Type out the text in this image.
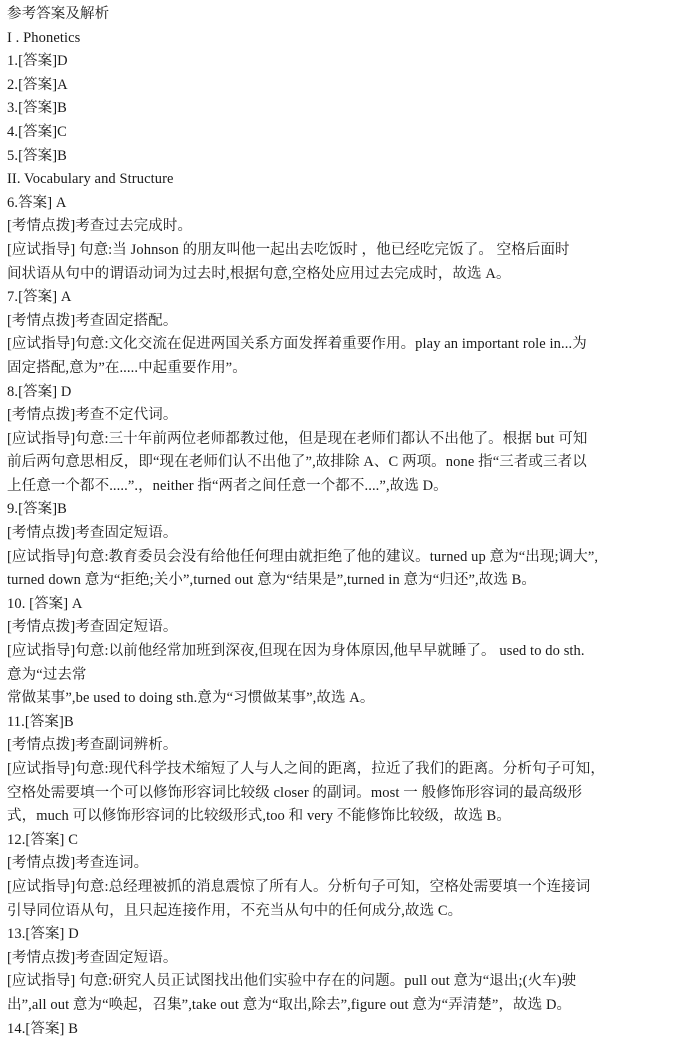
参考答案及解析
I . Phonetics
1.[答案]D
2.[答案]A
3.[答案]B
4.[答案]C
5.[答案]B
II. Vocabulary and Structure
6.答案] A
[考情点拨]考查过去完成时。
[应试指导] 句意:当 Johnson 的朋友叫他一起出去吃饭时 ，他已经吃完饭了。 空格后面时
间状语从句中的谓语动词为过去时,根据句意,空格处应用过去完成时，故选 A。
7.[答案] A
[考情点拨]考查固定搭配。
[应试指导]句意:文化交流在促进两国关系方面发挥着重要作用。play an important role in...为
固定搭配,意为”在.....中起重要作用”。
8.[答案] D
[考情点拨]考查不定代词。
[应试指导]句意:三十年前两位老师都教过他，但是现在老师们都认不出他了。根据 but 可知
前后两句意思相反，即“现在老师们认不出他了”,故排除 A、C 两项。none 指“三者或三者以
上任意一个都不.....”.，neither 指“两者之间任意一个都不....”,故选 D。
9.[答案]B
[考情点拨]考查固定短语。
[应试指导]句意:教育委员会没有给他任何理由就拒绝了他的建议。turned up 意为“出现;调大”,
turned down 意为“拒绝;关小”,turned out 意为“结果是”,turned in 意为“归还”,故选 B。
10. [答案] A
[考情点拨]考查固定短语。
[应试指导]句意:以前他经常加班到深夜,但现在因为身体原因,他早早就睡了。 used to do sth.
意为“过去常
常做某事”,be used to doing sth.意为“习惯做某事”,故选 A。
11.[答案]B
[考情点拨]考查副词辨析。
[应试指导]句意:现代科学技术缩短了人与人之间的距离，拉近了我们的距离。分析句子可知，
空格处需要填一个可以修饰形容词比较级 closer 的副词。most 一 般修饰形容词的最高级形
式，much 可以修饰形容词的比较级形式,too 和 very 不能修饰比较级，故选 B。
12.[答案] C
[考情点拨]考查连词。
[应试指导]句意:总经理被抓的消息震惊了所有人。分析句子可知，空格处需要填一个连接词
引导同位语从句，且只起连接作用，不充当从句中的任何成分,故选 C。
13.[答案] D
[考情点拨]考查固定短语。
[应试指导] 句意:研究人员正试图找出他们实验中存在的问题。pull out 意为“退出;(火车)驶
出”,all out 意为“唤起，召集”,take out 意为“取出,除去”,figure out 意为“弄清楚”，故选 D。
14.[答案] B
